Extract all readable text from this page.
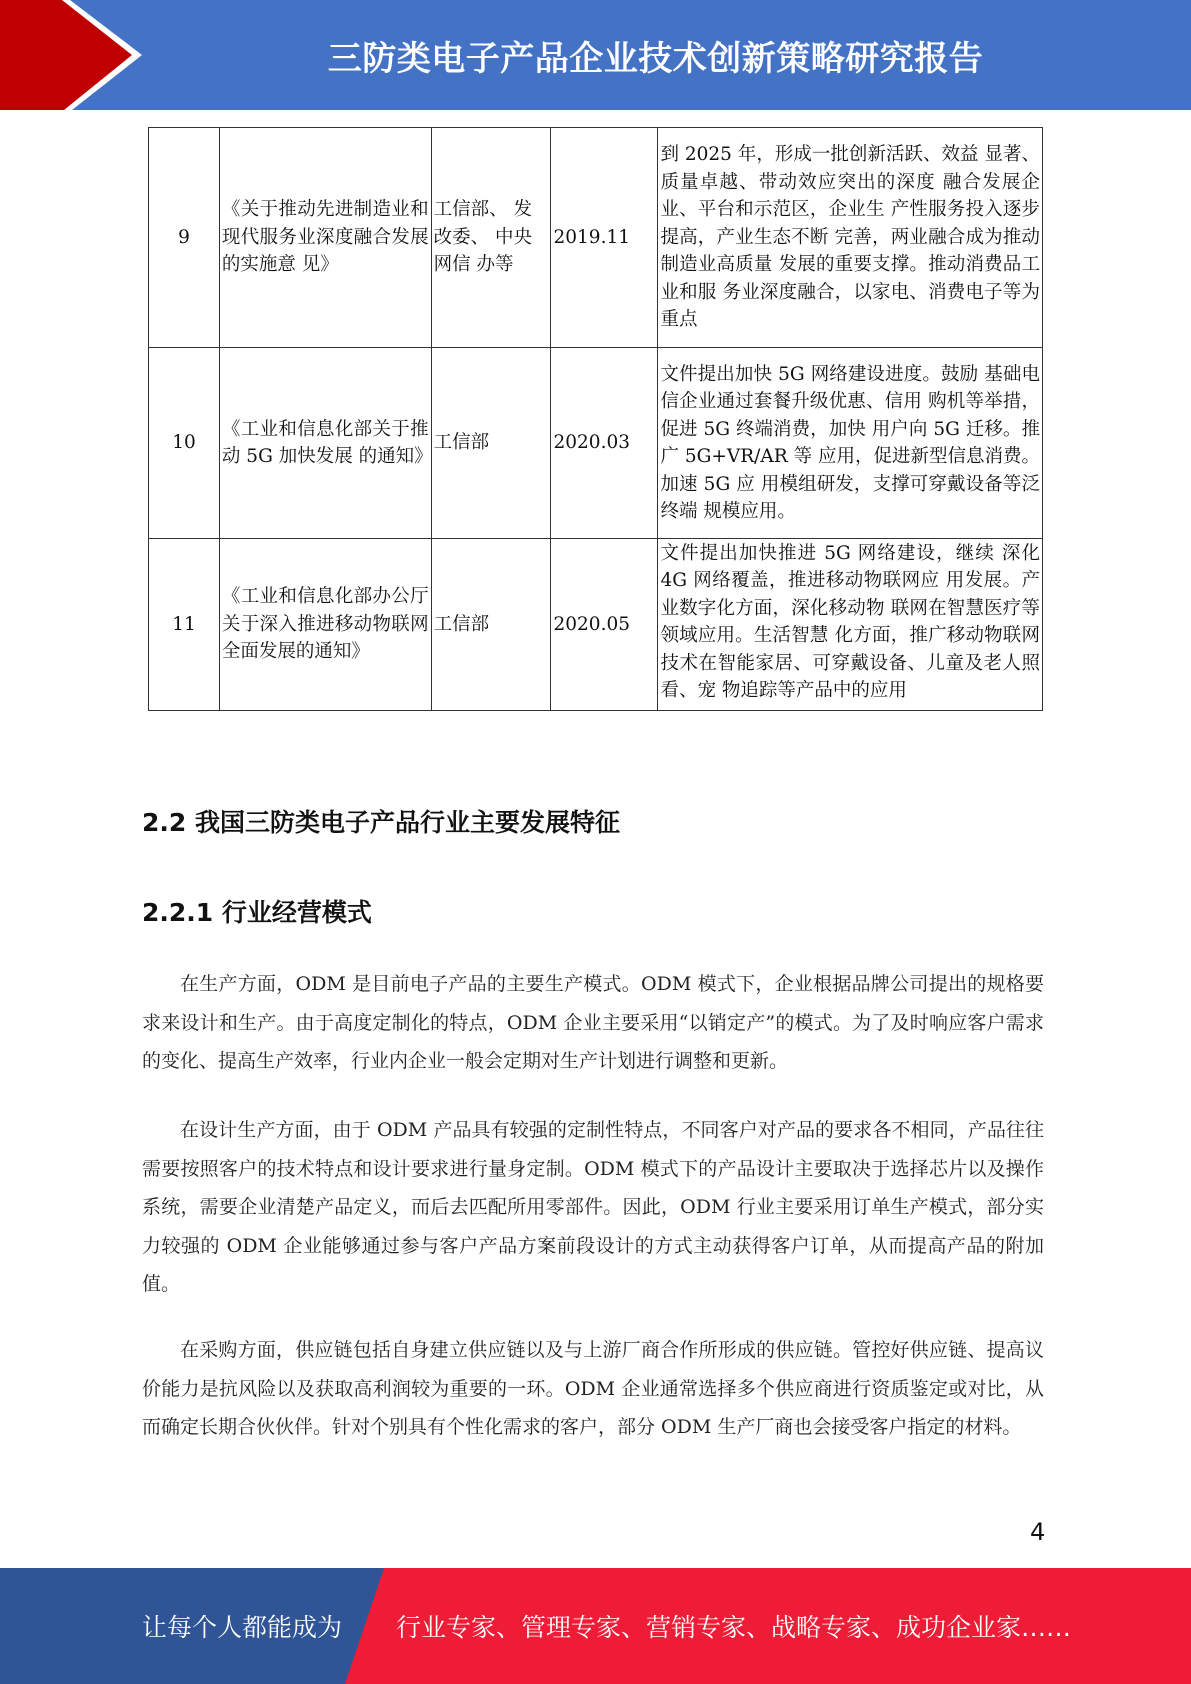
三防类电子产品企业技术创新策略研究报告
9	《关于推动先进制造业和现代服务业深度融合发展的实施意 见》	工信部、 发改委、 中央网信 办等	2019.11	到 2025 年，形成一批创新活跃、效益 显著、质量卓越、带动效应突出的深度 融合发展企业、平台和示范区，企业生 产性服务投入逐步提高，产业生态不断 完善，两业融合成为推动制造业高质量 发展的重要支撑。推动消费品工业和服 务业深度融合，以家电、消费电子等为 重点

10	《工业和信息化部关于推动 5G 加快发展 的通知》	工信部	2020.03	文件提出加快 5G 网络建设进度。鼓励 基础电信企业通过套餐升级优惠、信用 购机等举措，促进 5G 终端消费，加快 用户向 5G 迁移。推广 5G+VR/AR 等 应用，促进新型信息消费。加速 5G 应 用模组研发，支撑可穿戴设备等泛终端 规模应用。

11	《工业和信息化部办公厅关于深入推进移动物联网全面发展的通知》	工信部	2020.05	文件提出加快推进 5G 网络建设，继续 深化 4G 网络覆盖，推进移动物联网应 用发展。产业数字化方面，深化移动物 联网在智慧医疗等领域应用。生活智慧 化方面，推广移动物联网技术在智能家居、可穿戴设备、儿童及老人照看、宠 物追踪等产品中的应用
2.2 我国三防类电子产品行业主要发展特征
2.2.1 行业经营模式

在生产方面，ODM 是目前电子产品的主要生产模式。ODM 模式下，企业根据品牌公司提出的规格要求来设计和生产。由于高度定制化的特点，ODM 企业主要采用“以销定产”的模式。为了及时响应客户需求的变化、提高生产效率，行业内企业一般会定期对生产计划进行调整和更新。

在设计生产方面，由于 ODM 产品具有较强的定制性特点，不同客户对产品的要求各不相同，产品往往需要按照客户的技术特点和设计要求进行量身定制。ODM 模式下的产品设计主要取决于选择芯片以及操作系统，需要企业清楚产品定义，而后去匹配所用零部件。因此，ODM 行业主要采用订单生产模式，部分实力较强的 ODM 企业能够通过参与客户产品方案前段设计的方式主动获得客户订单，从而提高产品的附加值。

在采购方面，供应链包括自身建立供应链以及与上游厂商合作所形成的供应链。管控好供应链、提高议价能力是抗风险以及获取高利润较为重要的一环。ODM 企业通常选择多个供应商进行资质鉴定或对比，从而确定长期合伙伙伴。针对个别具有个性化需求的客户，部分 ODM 生产厂商也会接受客户指定的材料。

4
让每个人都能成为 行业专家、管理专家、营销专家、战略专家、成功企业家……
